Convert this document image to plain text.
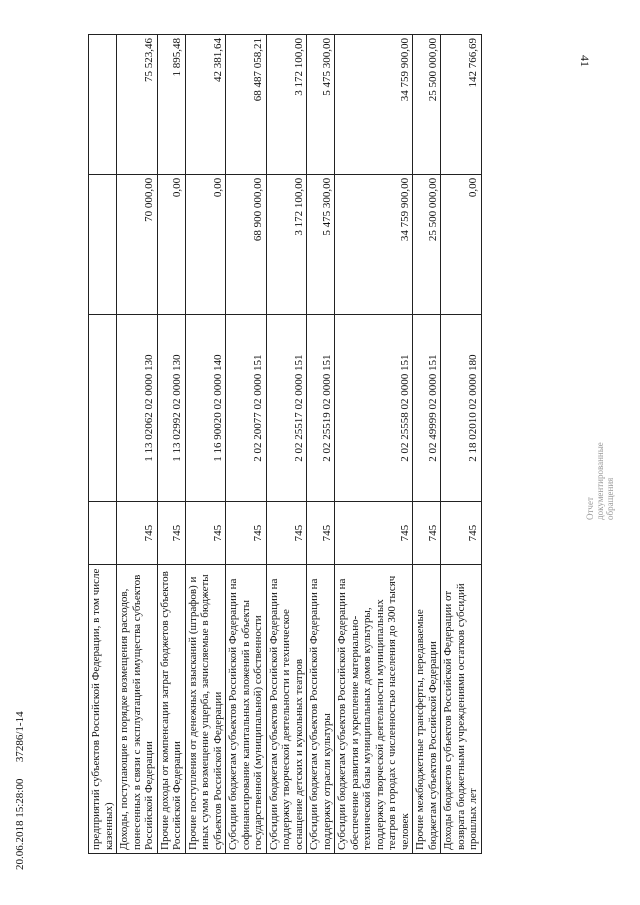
41
предприятий субъектов Российской Федерации, в том числе казенных)				
Доходы, поступающие в порядке возмещения расходов, понесенных в связи с эксплуатацией имущества субъектов Российской Федерации	745	1 13 02062 02 0000 130	70 000,00	75 523,46
Прочие доходы от компенсации затрат бюджетов субъектов Российской Федерации	745	1 13 02992 02 0000 130	0,00	1 895,48
Прочие поступления от денежных взысканий (штрафов) и иных сумм в возмещение ущерба, зачисляемые в бюджеты субъектов Российской Федерации	745	1 16 90020 02 0000 140	0,00	42 381,64
Субсидии бюджетам субъектов Российской Федерации на софинансирование капитальных вложений в объекты государственной (муниципальной) собственности	745	2 02 20077 02 0000 151	68 900 000,00	68 487 058,21
Субсидии бюджетам субъектов Российской Федерации на поддержку творческой деятельности и техническое оснащение детских и кукольных театров	745	2 02 25517 02 0000 151	3 172 100,00	3 172 100,00
Субсидии бюджетам субъектов Российской Федерации на поддержку отрасли культуры	745	2 02 25519 02 0000 151	5 475 300,00	5 475 300,00
Субсидии бюджетам субъектов Российской Федерации на обеспечение развития и укрепление материально-технической базы муниципальных домов культуры, поддержку творческой деятельности муниципальных театров в городах с численностью населения до 300 тысяч человек	745	2 02 25558 02 0000 151	34 759 900,00	34 759 900,00
Прочие межбюджетные трансферты, передаваемые бюджетам субъектов Российской Федерации	745	2 02 49999 02 0000 151	25 500 000,00	25 500 000,00
Доходы бюджетов субъектов Российской Федерации от возврата бюджетными учреждениями остатков субсидий прошлых лет	745	2 18 02010 02 0000 180	0,00	142 766,69
20.06.2018 15:28:00      37286/1-14
Отчет документированные обращения
